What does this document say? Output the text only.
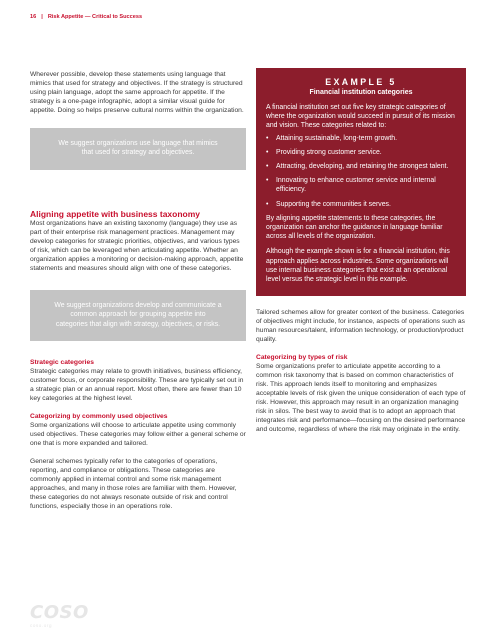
16 | Risk Appetite — Critical to Success

Wherever possible, develop these statements using language that mimics that used for strategy and objectives. If the strategy is structured using plain language, adopt the same approach for appetite. If the strategy is a one-page infographic, adopt a similar visual guide for appetite. Doing so helps preserve cultural norms within the organization.

We suggest organizations use language that mimics that used for strategy and objectives.
Aligning appetite with business taxonomy

Most organizations have an existing taxonomy (language) they use as part of their enterprise risk management practices. Management may develop categories for strategic priorities, objectives, and various types of risk, which can be leveraged when articulating appetite. Whether an organization applies a monitoring or decision-making approach, appetite statements and measures should align with one of these categories.

We suggest organizations develop and communicate a common approach for grouping appetite into categories that align with strategy, objectives, or risks.
Strategic categories

Strategic categories may relate to growth initiatives, business efficiency, customer focus, or corporate responsibility. These are typically set out in a strategic plan or an annual report. Most often, there are fewer than 10 key categories at the highest level.

Categorizing by commonly used objectives

Some organizations will choose to articulate appetite using commonly used objectives. These categories may follow either a general scheme or one that is more expanded and tailored.

General schemes typically refer to the categories of operations, reporting, and compliance or obligations. These categories are commonly applied in internal control and some risk management approaches, and many in those roles are familiar with them. However, these categories do not always resonate outside of risk and control functions, especially those in an operations role.

EXAMPLE 5
Financial institution categories

A financial institution set out five key strategic categories of where the organization would succeed in pursuit of its mission and vision. These categories related to:

• Attaining sustainable, long-term growth.
• Providing strong customer service.
• Attracting, developing, and retaining the strongest talent.
• Innovating to enhance customer service and internal efficiency.
• Supporting the communities it serves.

By aligning appetite statements to these categories, the organization can anchor the guidance in language familiar across all levels of the organization.

Although the example shown is for a financial institution, this approach applies across industries. Some organizations will use internal business categories that exist at an operational level versus the strategic level in this example.

Tailored schemes allow for greater context of the business. Categories of objectives might include, for instance, aspects of operations such as human resources/talent, information technology, or production/product quality.

Categorizing by types of risk

Some organizations prefer to articulate appetite according to a common risk taxonomy that is based on common characteristics of risk. This approach lends itself to monitoring and emphasizes acceptable levels of risk given the unique consideration of each type of risk. However, this approach may result in an organization managing risk in silos. The best way to avoid that is to adopt an approach that integrates risk and performance—focusing on the desired performance and outcome, regardless of where the risk may originate in the entity.

COSO
coso.org
